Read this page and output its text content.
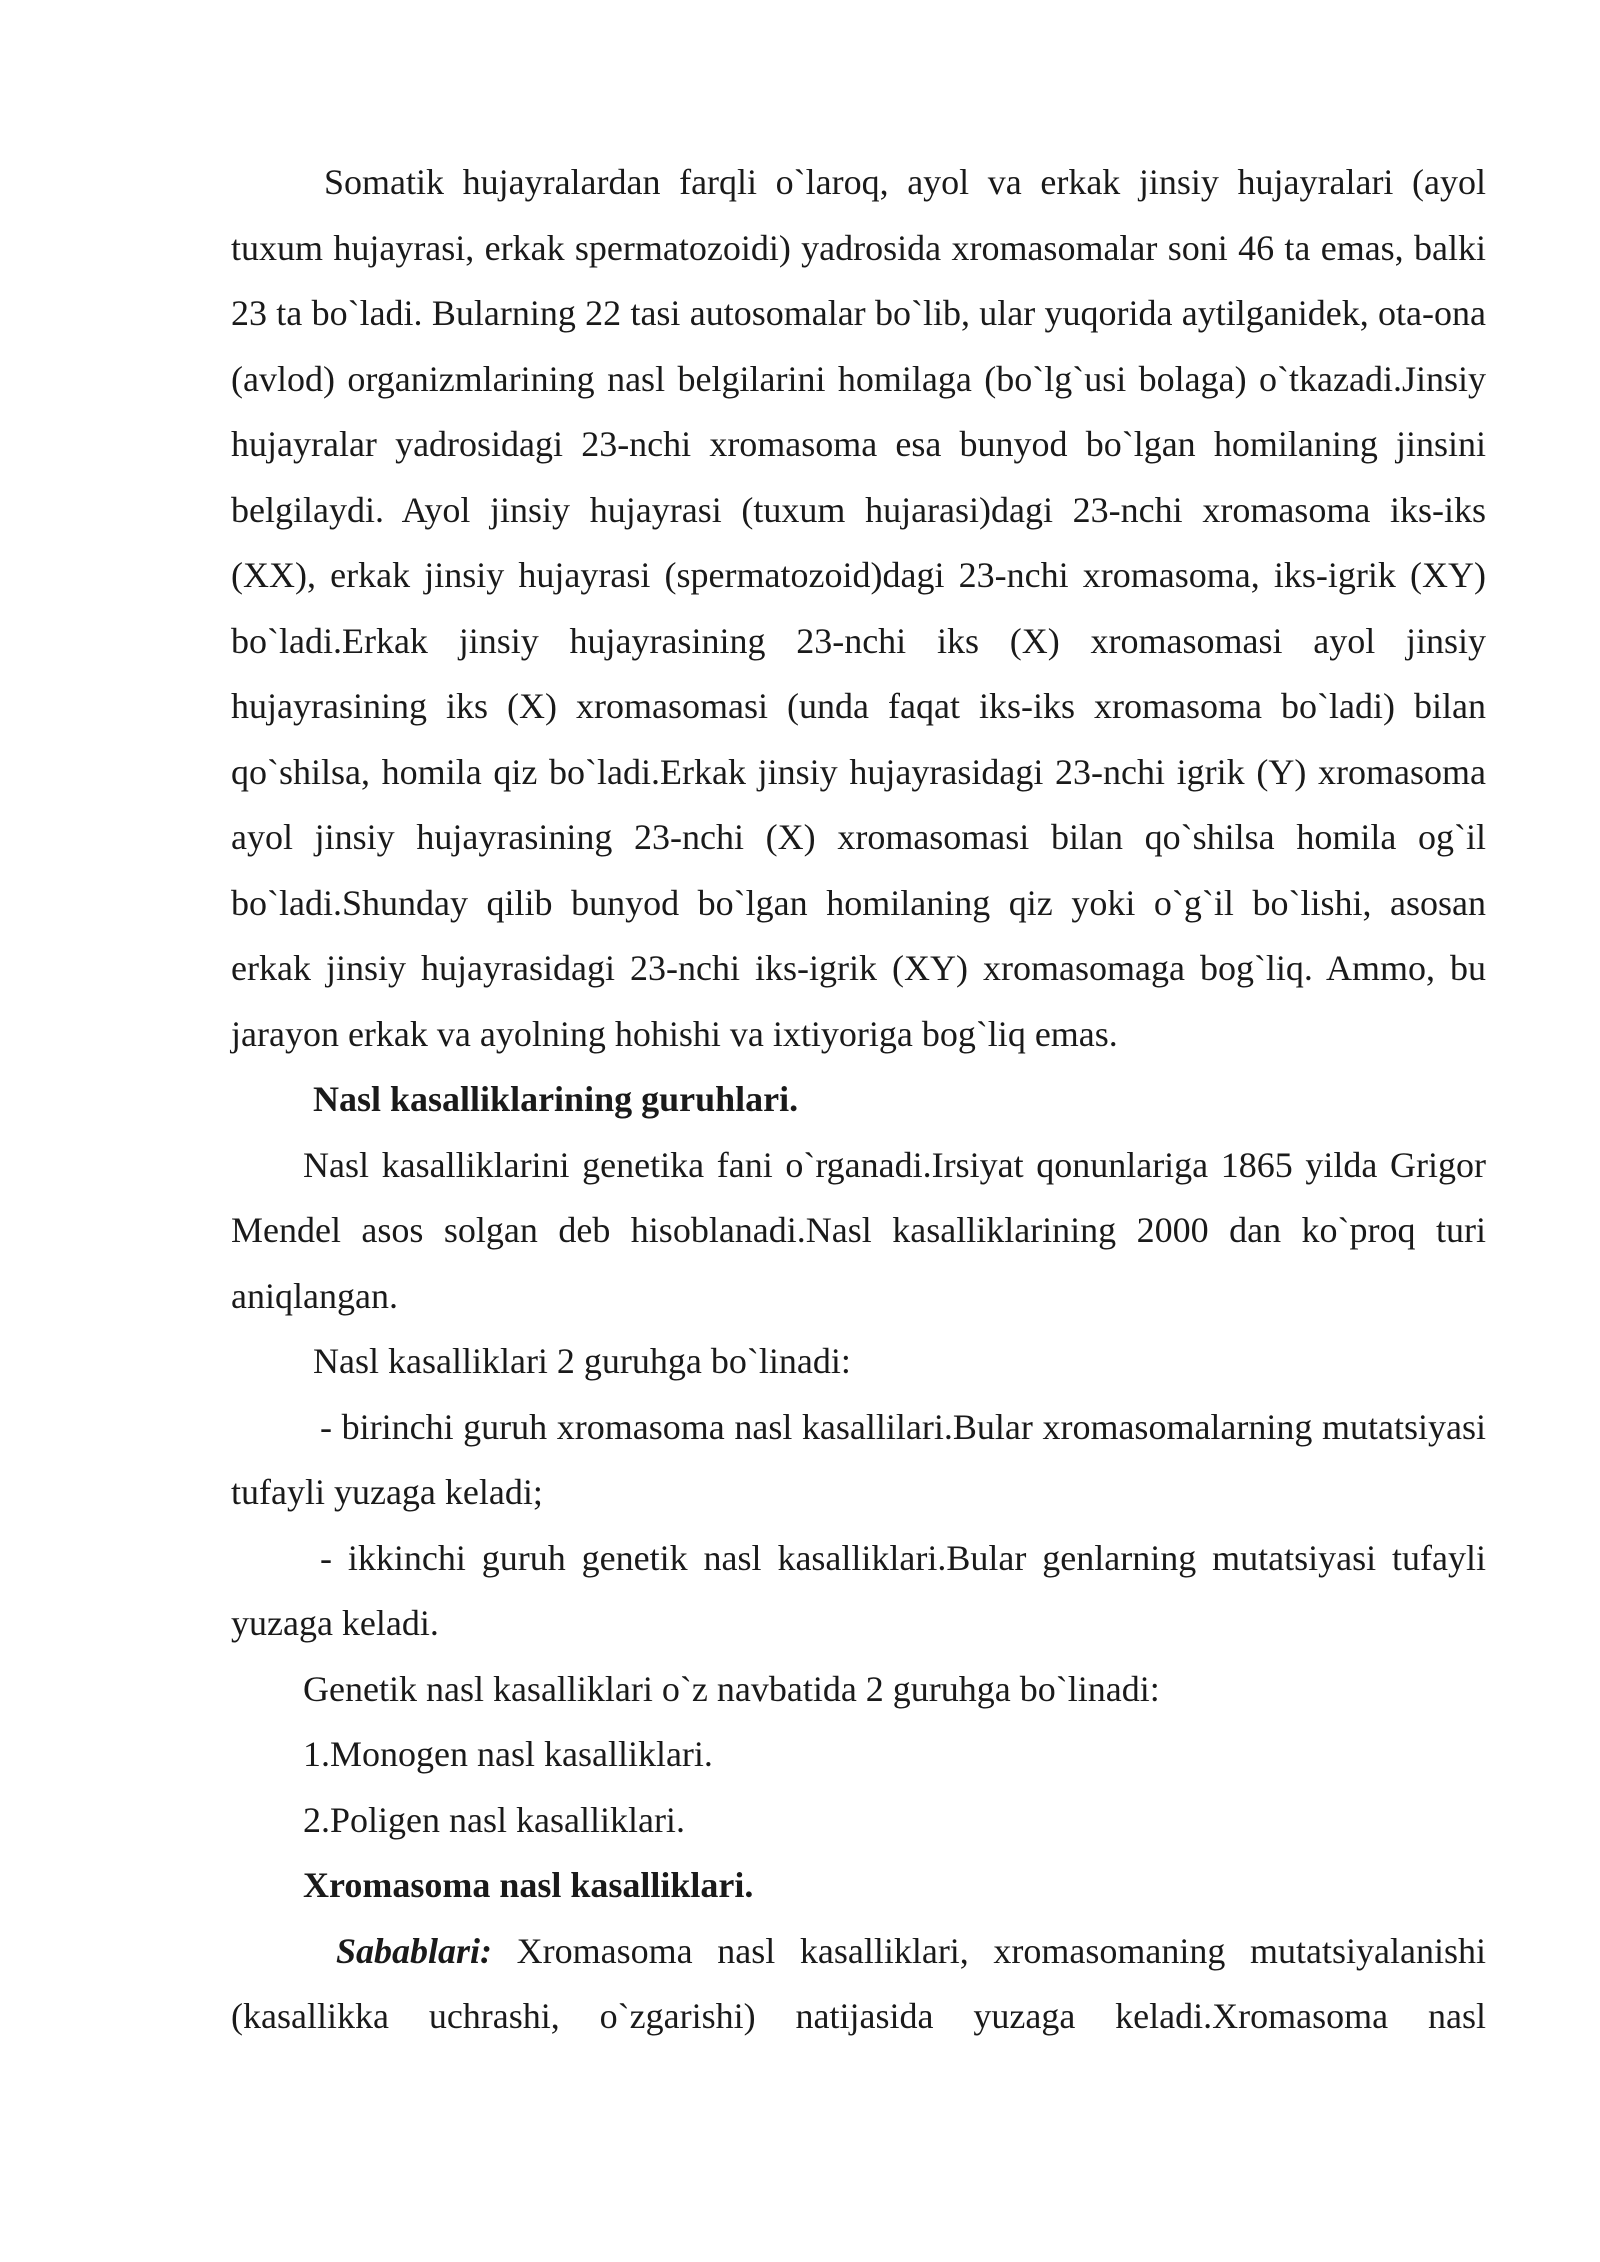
Somatik hujayralardan farqli o`laroq, ayol va erkak jinsiy hujayralari (ayol tuxum hujayrasi, erkak spermatozoidi) yadrosida xromasomalar soni 46 ta emas, balki 23 ta bo`ladi. Bularning 22 tasi autosomalar bo`lib, ular yuqorida aytilganidek, ota-ona (avlod) organizmlarining nasl belgilarini homilaga (bo`lg`usi bolaga) o`tkazadi.Jinsiy hujayralar yadrosidagi 23-nchi xromasoma esa bunyod bo`lgan homilaning jinsini belgilaydi. Ayol jinsiy hujayrasi (tuxum hujarasi)dagi 23-nchi xromasoma iks-iks (XX), erkak jinsiy hujayrasi (spermatozoid)dagi 23-nchi xromasoma, iks-igrik (XY) bo`ladi.Erkak jinsiy hujayrasining 23-nchi iks (X) xromasomasi ayol jinsiy hujayrasining iks (X) xromasomasi (unda faqat iks-iks xromasoma bo`ladi) bilan qo`shilsa, homila qiz bo`ladi.Erkak jinsiy hujayrasidagi 23-nchi igrik (Y) xromasoma ayol jinsiy hujayrasining 23-nchi (X) xromasomasi bilan qo`shilsa homila og`il bo`ladi.Shunday qilib bunyod bo`lgan homilaning qiz yoki o`g`il bo`lishi, asosan erkak jinsiy hujayrasidagi 23-nchi iks-igrik (XY) xromasomaga bog`liq. Ammo, bu jarayon erkak va ayolning hohishi va ixtiyoriga bog`liq emas.

Nasl kasalliklarining guruhlari.

Nasl kasalliklarini genetika fani o`rganadi.Irsiyat qonunlariga 1865 yilda Grigor Mendel asos solgan deb hisoblanadi.Nasl kasalliklarining 2000 dan ko`proq turi aniqlangan.

Nasl kasalliklari 2 guruhga bo`linadi:

- birinchi guruh xromasoma nasl kasallilari.Bular xromasomalarning mutatsiyasi tufayli yuzaga keladi;

- ikkinchi guruh genetik nasl kasalliklari.Bular genlarning mutatsiyasi tufayli yuzaga keladi.

Genetik nasl kasalliklari o`z navbatida 2 guruhga bo`linadi:

1.Monogen nasl kasalliklari.

2.Poligen nasl kasalliklari.

Xromasoma nasl kasalliklari.

Sabablari: Xromasoma nasl kasalliklari, xromasomaning mutatsiyalanishi (kasallikka uchrashi, o`zgarishi) natijasida yuzaga keladi.Xromasoma nasl
